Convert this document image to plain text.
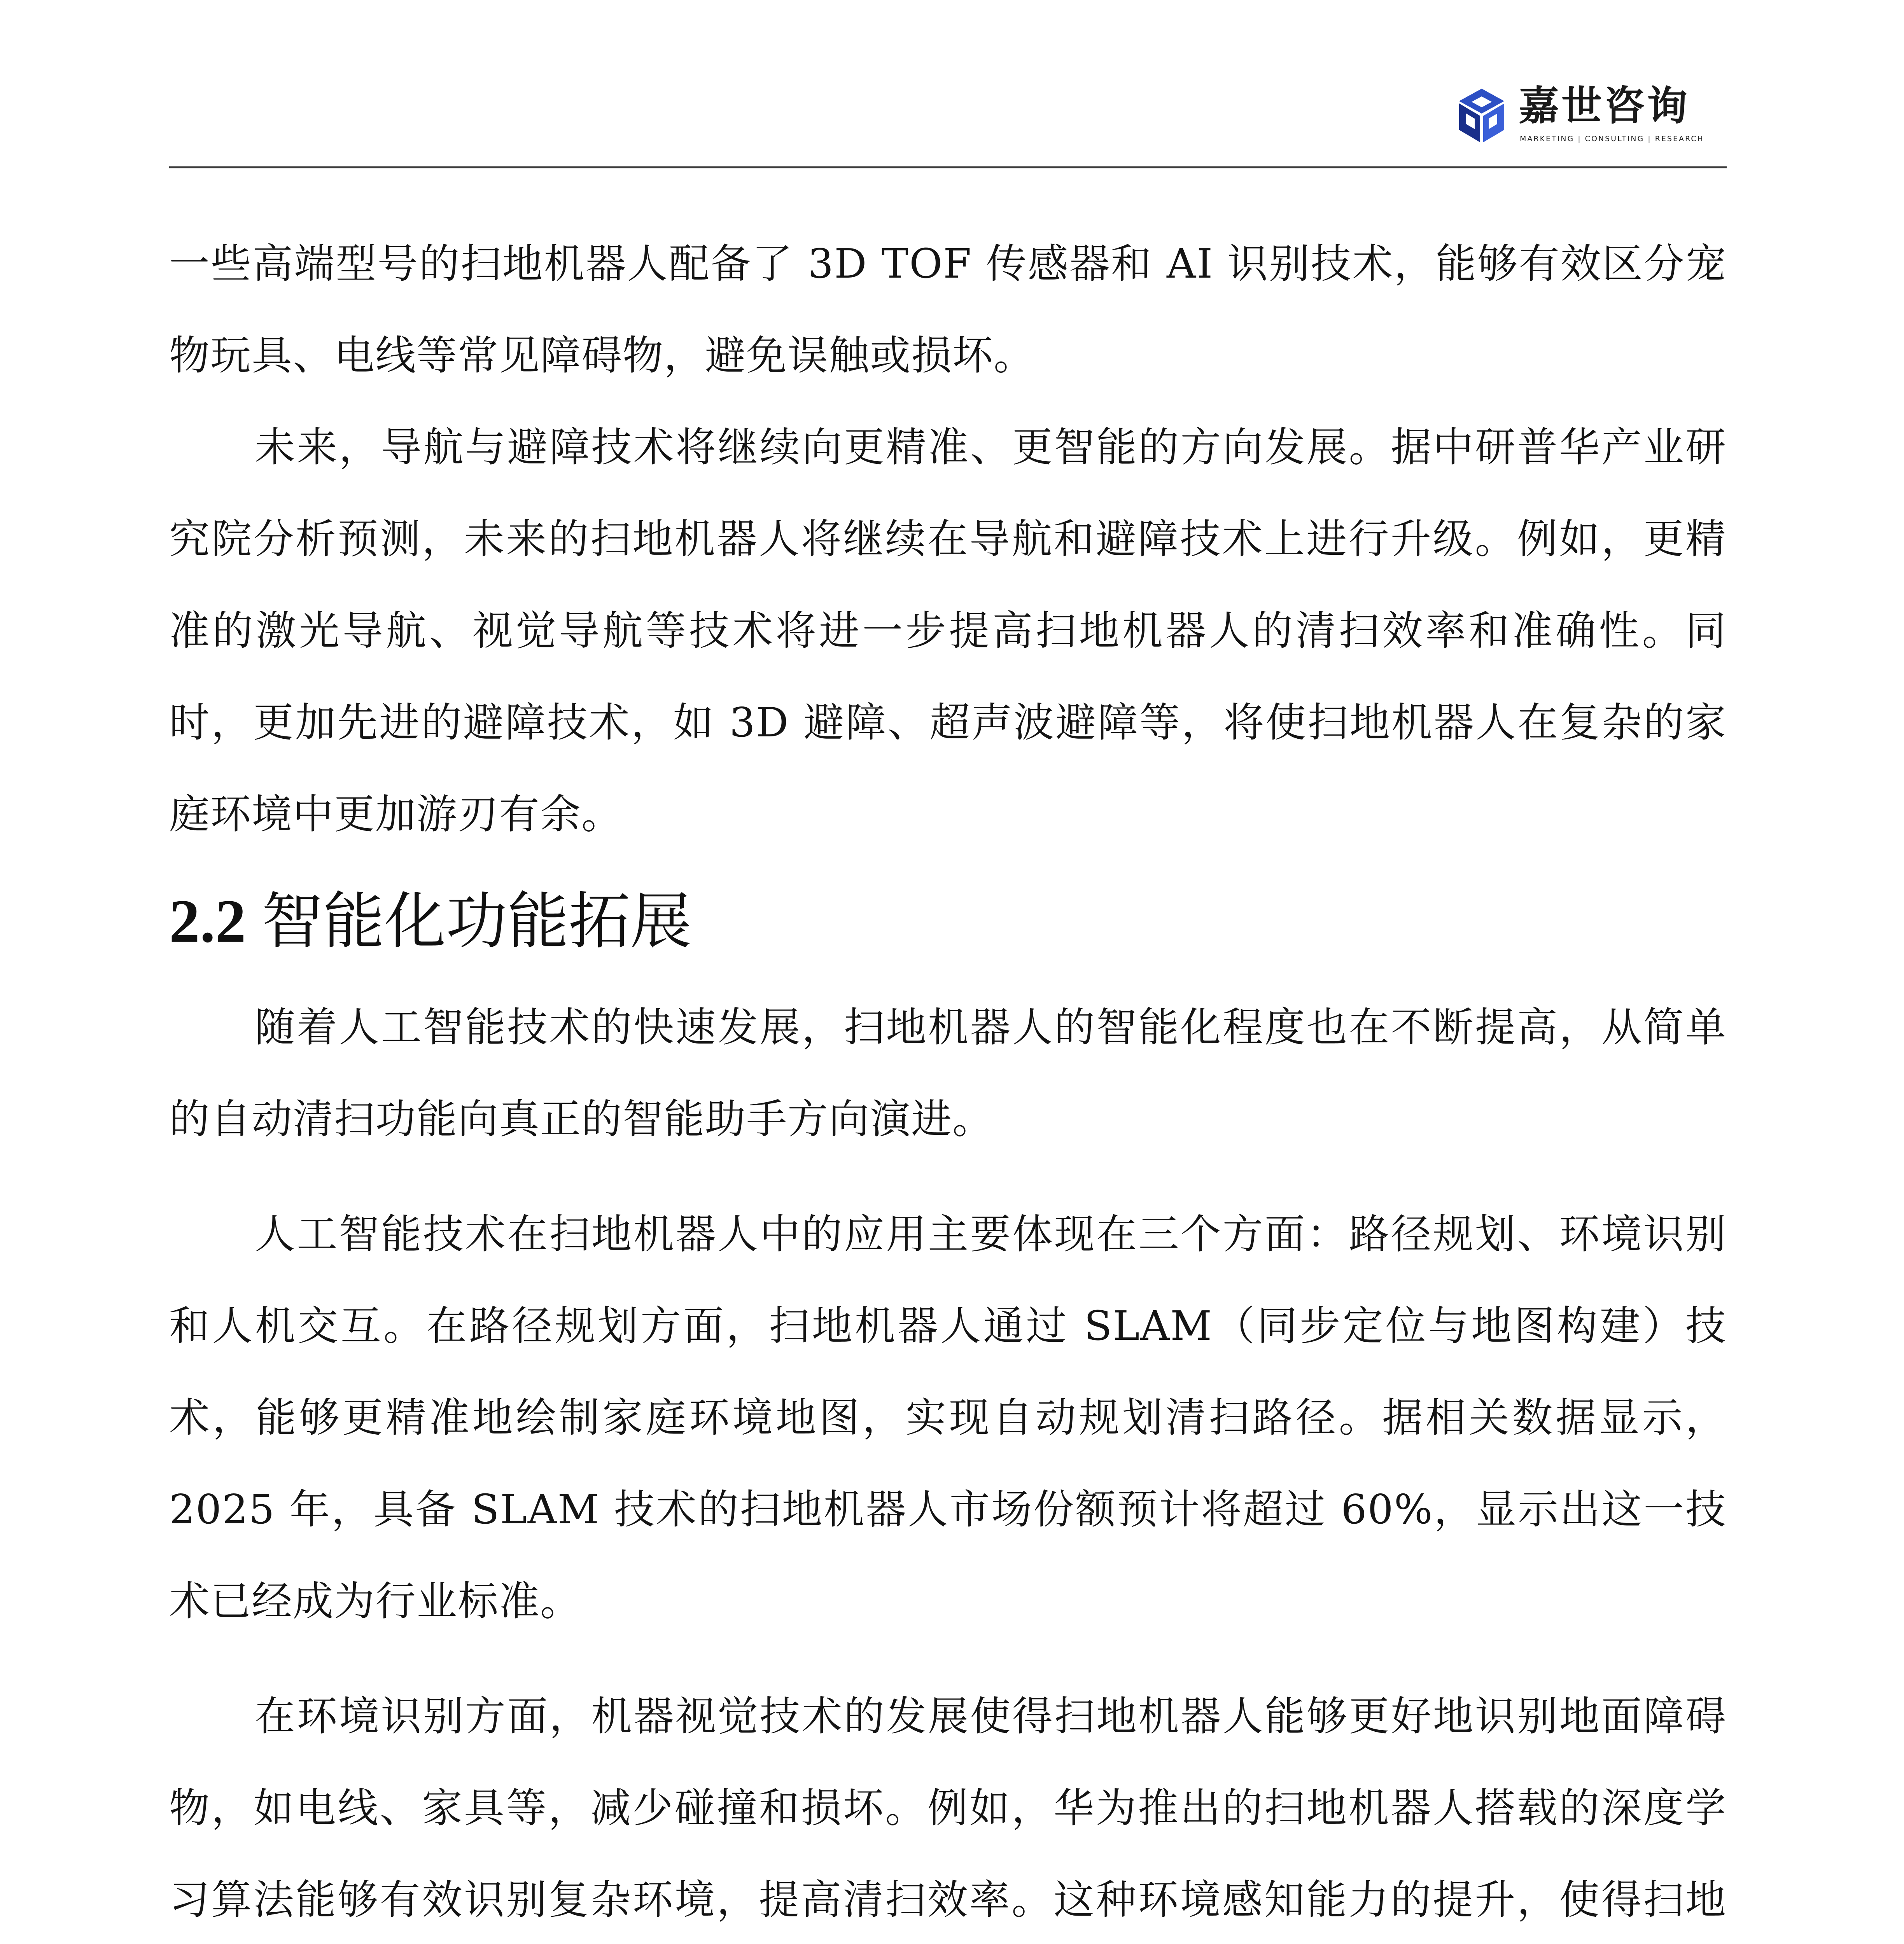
嘉世咨询
MARKETING | CONSULTING | RESEARCH

一些高端型号的扫地机器人配备了 3D TOF 传感器和 AI 识别技术，能够有效区分宠物玩具、电线等常见障碍物，避免误触或损坏。

未来，导航与避障技术将继续向更精准、更智能的方向发展。据中研普华产业研究院分析预测，未来的扫地机器人将继续在导航和避障技术上进行升级。例如，更精准的激光导航、视觉导航等技术将进一步提高扫地机器人的清扫效率和准确性。同时，更加先进的避障技术，如 3D 避障、超声波避障等，将使扫地机器人在复杂的家庭环境中更加游刃有余。

2.2 智能化功能拓展

随着人工智能技术的快速发展，扫地机器人的智能化程度也在不断提高，从简单的自动清扫功能向真正的智能助手方向演进。

人工智能技术在扫地机器人中的应用主要体现在三个方面：路径规划、环境识别和人机交互。在路径规划方面，扫地机器人通过 SLAM（同步定位与地图构建）技术，能够更精准地绘制家庭环境地图，实现自动规划清扫路径。据相关数据显示，2025 年，具备 SLAM 技术的扫地机器人市场份额预计将超过 60%，显示出这一技术已经成为行业标准。

在环境识别方面，机器视觉技术的发展使得扫地机器人能够更好地识别地面障碍物，如电线、家具等，减少碰撞和损坏。例如，华为推出的扫地机器人搭载的深度学习算法能够有效识别复杂环境，提高清扫效率。这种环境感知能力的提升，使得扫地
